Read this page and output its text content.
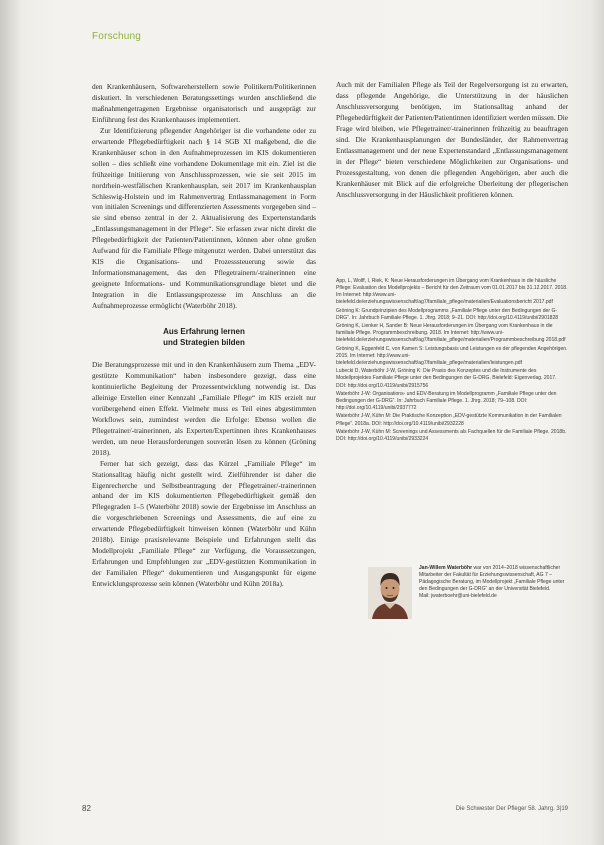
Forschung

den Krankenhäusern, Softwareherstellern sowie Politikern/Politikerinnen diskutiert. In verschiedenen Beratungssettings wurden anschließend die maßnahmengetragenen Ergebnisse organisatorisch und ausgeprägt zur Einführung fest des Krankenhauses implementiert.

Zur Identifizierung pflegender Angehöriger ist die vorhandene oder zu erwartende Pflegebedürftigkeit nach § 14 SGB XI maßgebend, die die Krankenhäuser schon in den Aufnahmeprozessen im KIS dokumentieren sollen – dies schließt eine vorhandene Dokumentlage mit ein. Ziel ist die frühzeitige Initiierung von Anschlussprozessen, wie sie seit 2015 im nordrhein-westfälischen Krankenhausplan, seit 2017 im Krankenhausplan Schleswig-Holstein und im Rahmenvertrag Entlassmanagement in Form von initialen Screenings und differenzierten Assessments vorgegeben sind – sie sind ebenso zentral in der 2. Aktualisierung des Expertenstandards „Entlassungsmanagement in der Pflege“. Sie erfassen zwar nicht direkt die Pflegebedürftigkeit der Patienten/Patientinnen, können aber ohne großen Aufwand für die Familiale Pflege mitgenutzt werden. Dabei unterstützt das KIS die Organisations- und Prozesssteuerung sowie das Informationsmanagement, das den Pflegetrainern/-trainerinnen eine geeignete Informations- und Kommunikationsgrundlage bietet und die Integration in die Entlassungsprozesse im Anschluss an die Aufnahmeprozesse ermöglicht (Waterböhr 2018).

Aus Erfahrung lernen
und Strategien bilden

Die Beratungsprozesse mit und in den Krankenhäusern zum Thema „EDV-gestützte Kommunikation“ haben insbesondere gezeigt, dass eine kontinuierliche Begleitung der Prozessentwicklung notwendig ist. Das alleinige Erstellen einer Kennzahl „Familiale Pflege“ im KIS erzielt nur vorübergehend einen Effekt. Vielmehr muss es Teil eines abgestimmten Workflows sein, zumindest werden die Erfolge: Ebenso wollen die Pflegetrainer/-trainerinnen, als Experten/Expertinnen ihres Krankenhauses werden, um neue Herausforderungen souverän lösen zu können (Gröning 2018).

Ferner hat sich gezeigt, dass das Kürzel „Familiale Pflege“ im Stationsalltag häufig nicht gestellt wird. Zielführender ist daher die Eigenrecherche und Selbstbeantragung der Pflegetrainer/-trainerinnen anhand der im KIS dokumentierten Pflegebedürftigkeit gemäß den Pflegegraden 1–5 (Waterböhr 2018) sowie der Ergebnisse im Anschluss an die vorgeschriebenen Screenings und Assessments, die auf eine zu erwartende Pflegebedürftigkeit hinweisen können (Waterböhr und Kühn 2018b). Einige praxisrelevante Beispiele und Erfahrungen stellt das Modellprojekt „Familiale Pflege“ zur Verfügung, die Voraussetzungen, Erfahrungen und Empfehlungen zur „EDV-gestützten Kommunikation in der Familialen Pflege“ dokumentieren und Ausgangspunkt für eigene Entwicklungsprozesse sein können (Waterböhr und Kühn 2018a).

Auch mit der Familialen Pflege als Teil der Regelversorgung ist zu erwarten, dass pflegende Angehörige, die Unterstützung in der häuslichen Anschlussversorgung benötigen, im Stationsalltag anhand der Pflegebedürftigkeit der Patienten/Patientinnen identifiziert werden müssen. Die Frage wird bleiben, wie Pflegetrainer/-trainerinnen frühzeitig zu beauftragen sind. Die Krankenhausplanungen der Bundesländer, der Rahmenvertrag Entlassmanagement und der neue Expertenstandard „Entlassungsmanagement in der Pflege“ bieten verschiedene Möglichkeiten zur Organisations- und Prozessgestaltung, von denen die pflegenden Angehörigen, aber auch die Krankenhäuser mit Blick auf die erfolgreiche Überleitung der pflegerischen Anschlussversorgung in der Häuslichkeit profitieren können.

App, L, Wolff, I, Riek, K: Neue Herausforderungen im Übergang vom Krankenhaus in die häusliche Pflege: Evaluation des Modellprojekts – Bericht für den Zeitraum vom 01.01.2017 bis 31.12.2017. 2018. Im Internet: http://www.uni-bielefeld.de/erziehungswissenschaft/ag7/familiale_pflege/materialien/Evaluationsbericht 2017.pdf
Gröning K: Grundprinzipien des Modellprogramms „Familiale Pflege unter den Bedingungen der G-DRG“. In: Jahrbuch Familiale Pflege. 1. Jhrg. 2018; 9–21. DOI: http://doi.org/10.4119/unibi/2901828
Gröning K, Lienker H, Sander B: Neue Herausforderungen im Übergang vom Krankenhaus in die familiale Pflege. Programmbeschreibung. 2018. Im Internet: http://www.uni-bielefeld.de/erziehungswissenschaft/ag7/familiale_pflege/materialien/Programmbeschreibung 2018.pdf
Gröning K, Eggenfeld C, von Kamen S: Leistungsbasis und Leistungen es der pflegenden Angehörigen. 2015. Im Internet: http://www.uni-bielefeld.de/erziehungswissenschaft/ag7/familiale_pflege/materialien/leistungen.pdf
Lubecki D, Waterböhr J-W, Gröning K: Die Praxis des Konzeptes und die Instrumente des Modellprojektes Familiale Pflege unter den Bedingungen der G-DRG. Bielefeld: Eigenverlag. 2017. DOI: http://doi.org/10.4119/unibi/2915756
Waterböhr J-W: Organisations- und EDV-Beratung im Modellprogramm „Familiale Pflege unter den Bedingungen der G-DRG“. In: Jahrbuch Familiale Pflege. 1. Jhrg. 2018; 79–108. DOI: http://doi.org/10.4119/unibi/2937772
Waterböhr J-W, Kühn M: Die Praktische Konzeption „EDV-gestützte Kommunikation in der Familialen Pflege“. 2018a. DOI: http://doi.org/10.4119/unibi/2932228
Waterböhr J-W, Kühn M: Screenings und Assessments als Fachquellen für die Familiale Pflege. 2018b. DOI: http://doi.org/10.4119/unibi/2933224
Jan-Willem Waterböhr war von 2014–2018 wissenschaftlicher Mitarbeiter der Fakultät für Erziehungswissenschaft, AG 7 – Pädagogische Beratung, im Modellprojekt „Familiale Pflege unter den Bedingungen der G-DRG“ an der Universität Bielefeld.
Mail: jwaterboehr@uni-bielefeld.de
82	Die Schwester Der Pfleger 58. Jahrg. 3|19
